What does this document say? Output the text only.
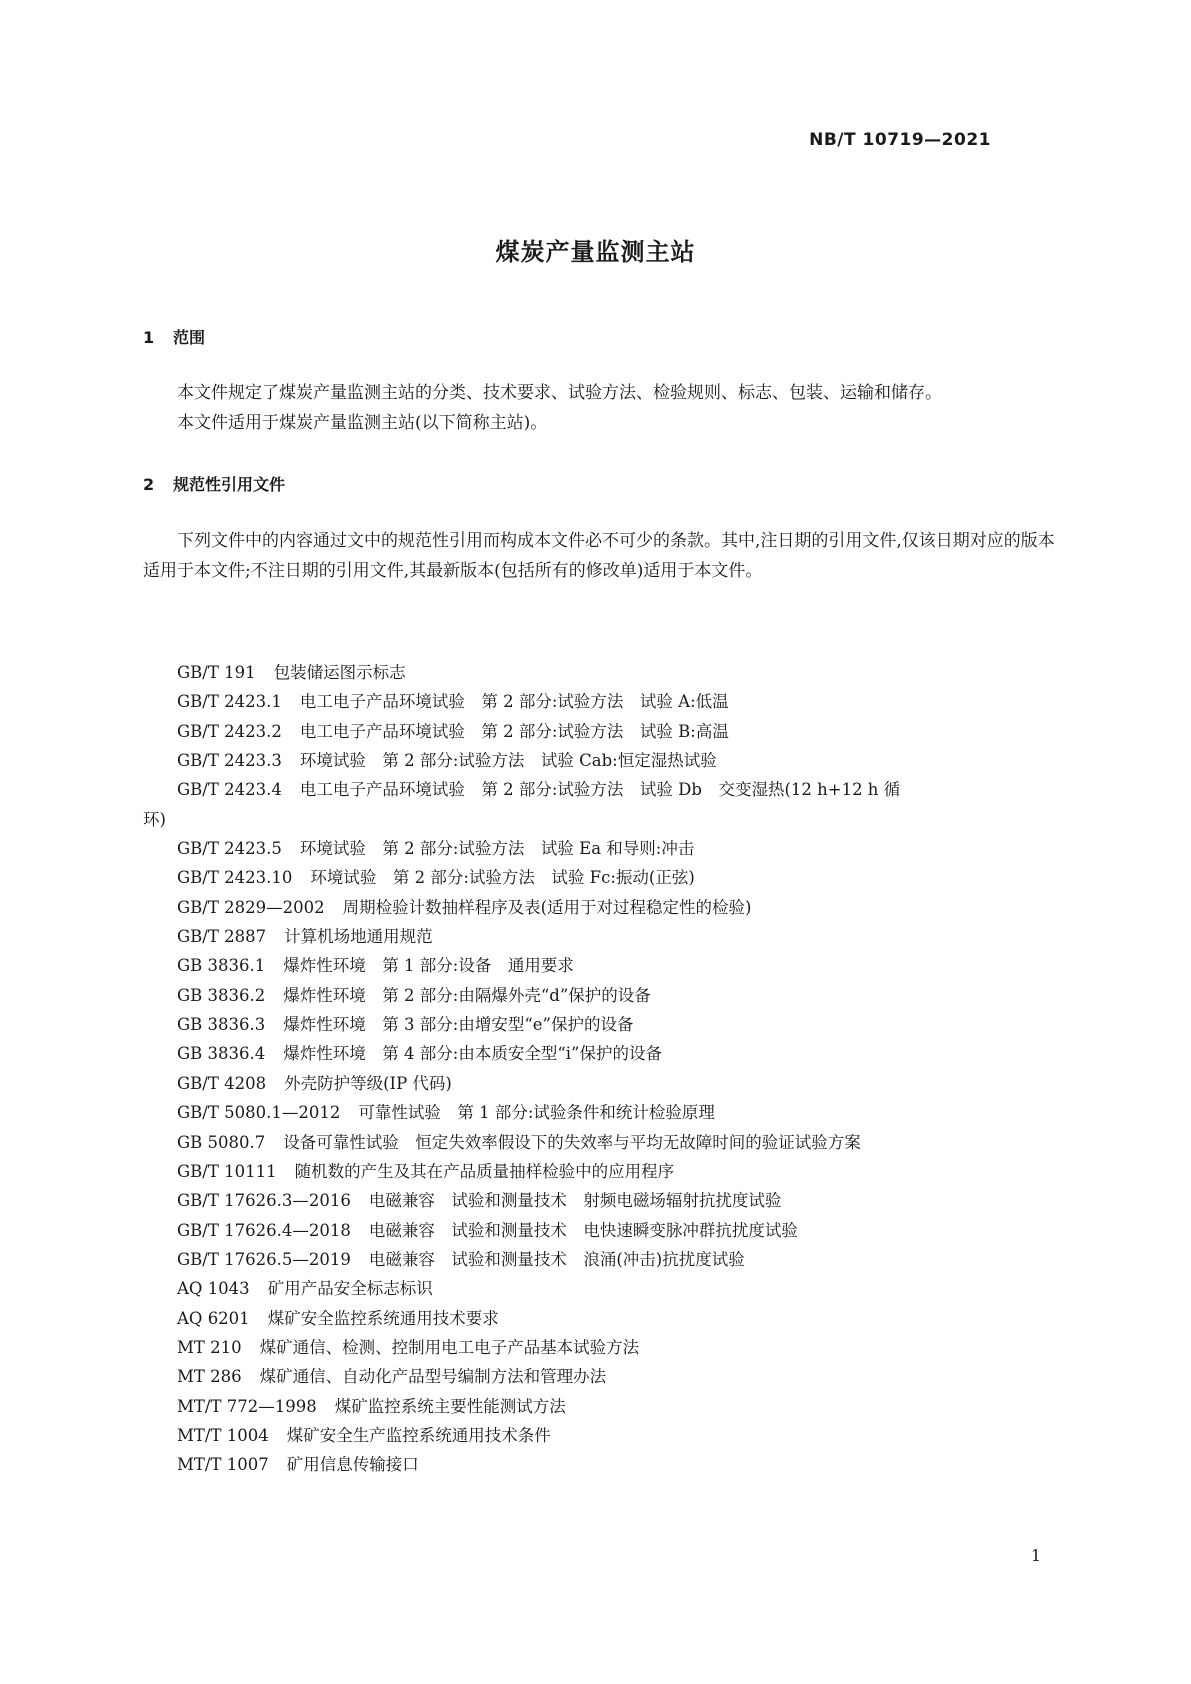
NB/T 10719—2021
煤炭产量监测主站
1 范围
本文件规定了煤炭产量监测主站的分类、技术要求、试验方法、检验规则、标志、包装、运输和储存。
本文件适用于煤炭产量监测主站(以下简称主站)。
2 规范性引用文件
下列文件中的内容通过文中的规范性引用而构成本文件必不可少的条款。其中,注日期的引用文件,仅该日期对应的版本适用于本文件;不注日期的引用文件,其最新版本(包括所有的修改单)适用于本文件。
GB/T 191 包装储运图示标志
GB/T 2423.1 电工电子产品环境试验　第 2 部分:试验方法　试验 A:低温
GB/T 2423.2 电工电子产品环境试验　第 2 部分:试验方法　试验 B:高温
GB/T 2423.3 环境试验　第 2 部分:试验方法　试验 Cab:恒定湿热试验
GB/T 2423.4 电工电子产品环境试验　第 2 部分:试验方法　试验 Db　交变湿热(12 h+12 h 循
环)
GB/T 2423.5 环境试验　第 2 部分:试验方法　试验 Ea 和导则:冲击
GB/T 2423.10 环境试验　第 2 部分:试验方法　试验 Fc:振动(正弦)
GB/T 2829—2002 周期检验计数抽样程序及表(适用于对过程稳定性的检验)
GB/T 2887 计算机场地通用规范
GB 3836.1 爆炸性环境　第 1 部分:设备　通用要求
GB 3836.2 爆炸性环境　第 2 部分:由隔爆外壳“d”保护的设备
GB 3836.3 爆炸性环境　第 3 部分:由增安型“e”保护的设备
GB 3836.4 爆炸性环境　第 4 部分:由本质安全型“i”保护的设备
GB/T 4208 外壳防护等级(IP 代码)
GB/T 5080.1—2012 可靠性试验　第 1 部分:试验条件和统计检验原理
GB 5080.7 设备可靠性试验　恒定失效率假设下的失效率与平均无故障时间的验证试验方案
GB/T 10111 随机数的产生及其在产品质量抽样检验中的应用程序
GB/T 17626.3—2016 电磁兼容　试验和测量技术　射频电磁场辐射抗扰度试验
GB/T 17626.4—2018 电磁兼容　试验和测量技术　电快速瞬变脉冲群抗扰度试验
GB/T 17626.5—2019 电磁兼容　试验和测量技术　浪涌(冲击)抗扰度试验
AQ 1043 矿用产品安全标志标识
AQ 6201 煤矿安全监控系统通用技术要求
MT 210 煤矿通信、检测、控制用电工电子产品基本试验方法
MT 286 煤矿通信、自动化产品型号编制方法和管理办法
MT/T 772—1998 煤矿监控系统主要性能测试方法
MT/T 1004 煤矿安全生产监控系统通用技术条件
MT/T 1007 矿用信息传输接口
1
